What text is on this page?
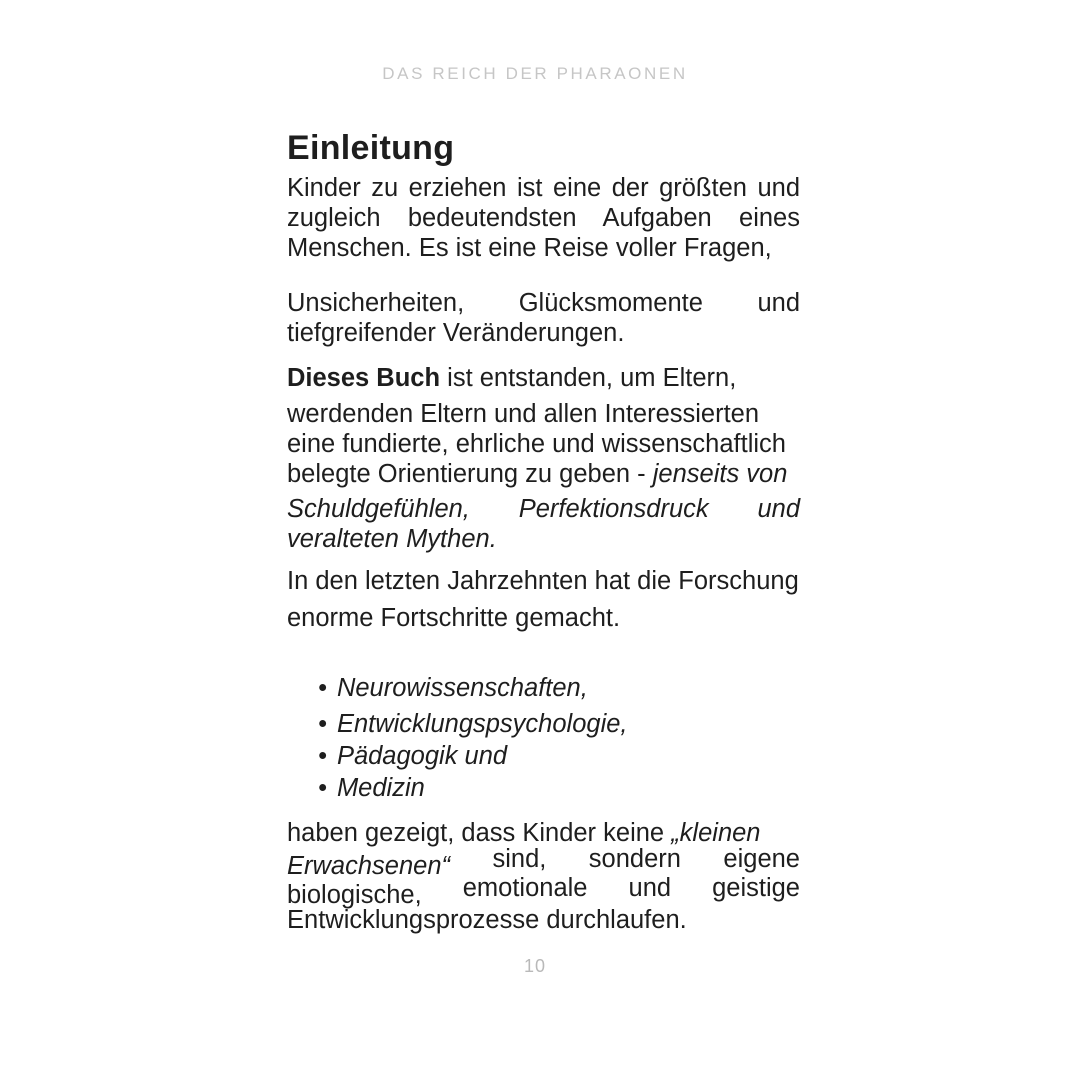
DAS REICH DER PHARAONEN
Einleitung
Kinder zu erziehen ist eine der größten und
zugleich bedeutendsten Aufgaben eines
Menschen. Es ist eine Reise voller Fragen,
Unsicherheiten, Glücksmomente und
tiefgreifender Veränderungen.
Dieses Buch ist entstanden, um Eltern,
werdenden Eltern und allen Interessierten
eine fundierte, ehrliche und wissenschaftlich
belegte Orientierung zu geben - jenseits von
Schuldgefühlen, Perfektionsdruck und
veralteten Mythen.
In den letzten Jahrzehnten hat die Forschung
enorme Fortschritte gemacht.
• Neurowissenschaften,
• Entwicklungspsychologie,
• Pädagogik und
• Medizin
haben gezeigt, dass Kinder keine „kleinen
Erwachsenen“ sind, sondern eigene
biologische, emotionale und geistige
Entwicklungsprozesse durchlaufen.
10
